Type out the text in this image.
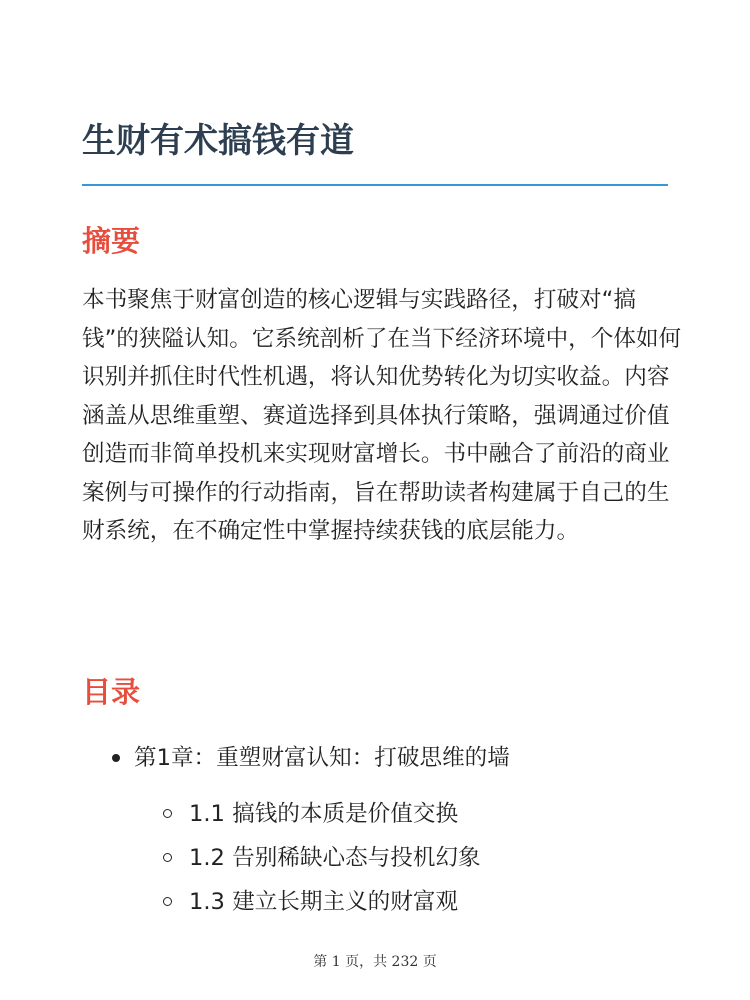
生财有术搞钱有道
摘要

本书聚焦于财富创造的核心逻辑与实践路径，打破对“搞钱”的狭隘认知。它系统剖析了在当下经济环境中，个体如何识别并抓住时代性机遇，将认知优势转化为切实收益。内容涵盖从思维重塑、赛道选择到具体执行策略，强调通过价值创造而非简单投机来实现财富增长。书中融合了前沿的商业案例与可操作的行动指南，旨在帮助读者构建属于自己的生财系统，在不确定性中掌握持续获钱的底层能力。

目录
第1章：重塑财富认知：打破思维的墙
1.1 搞钱的本质是价值交换
1.2 告别稀缺心态与投机幻象
1.3 建立长期主义的财富观
第 1 页，共 232 页
